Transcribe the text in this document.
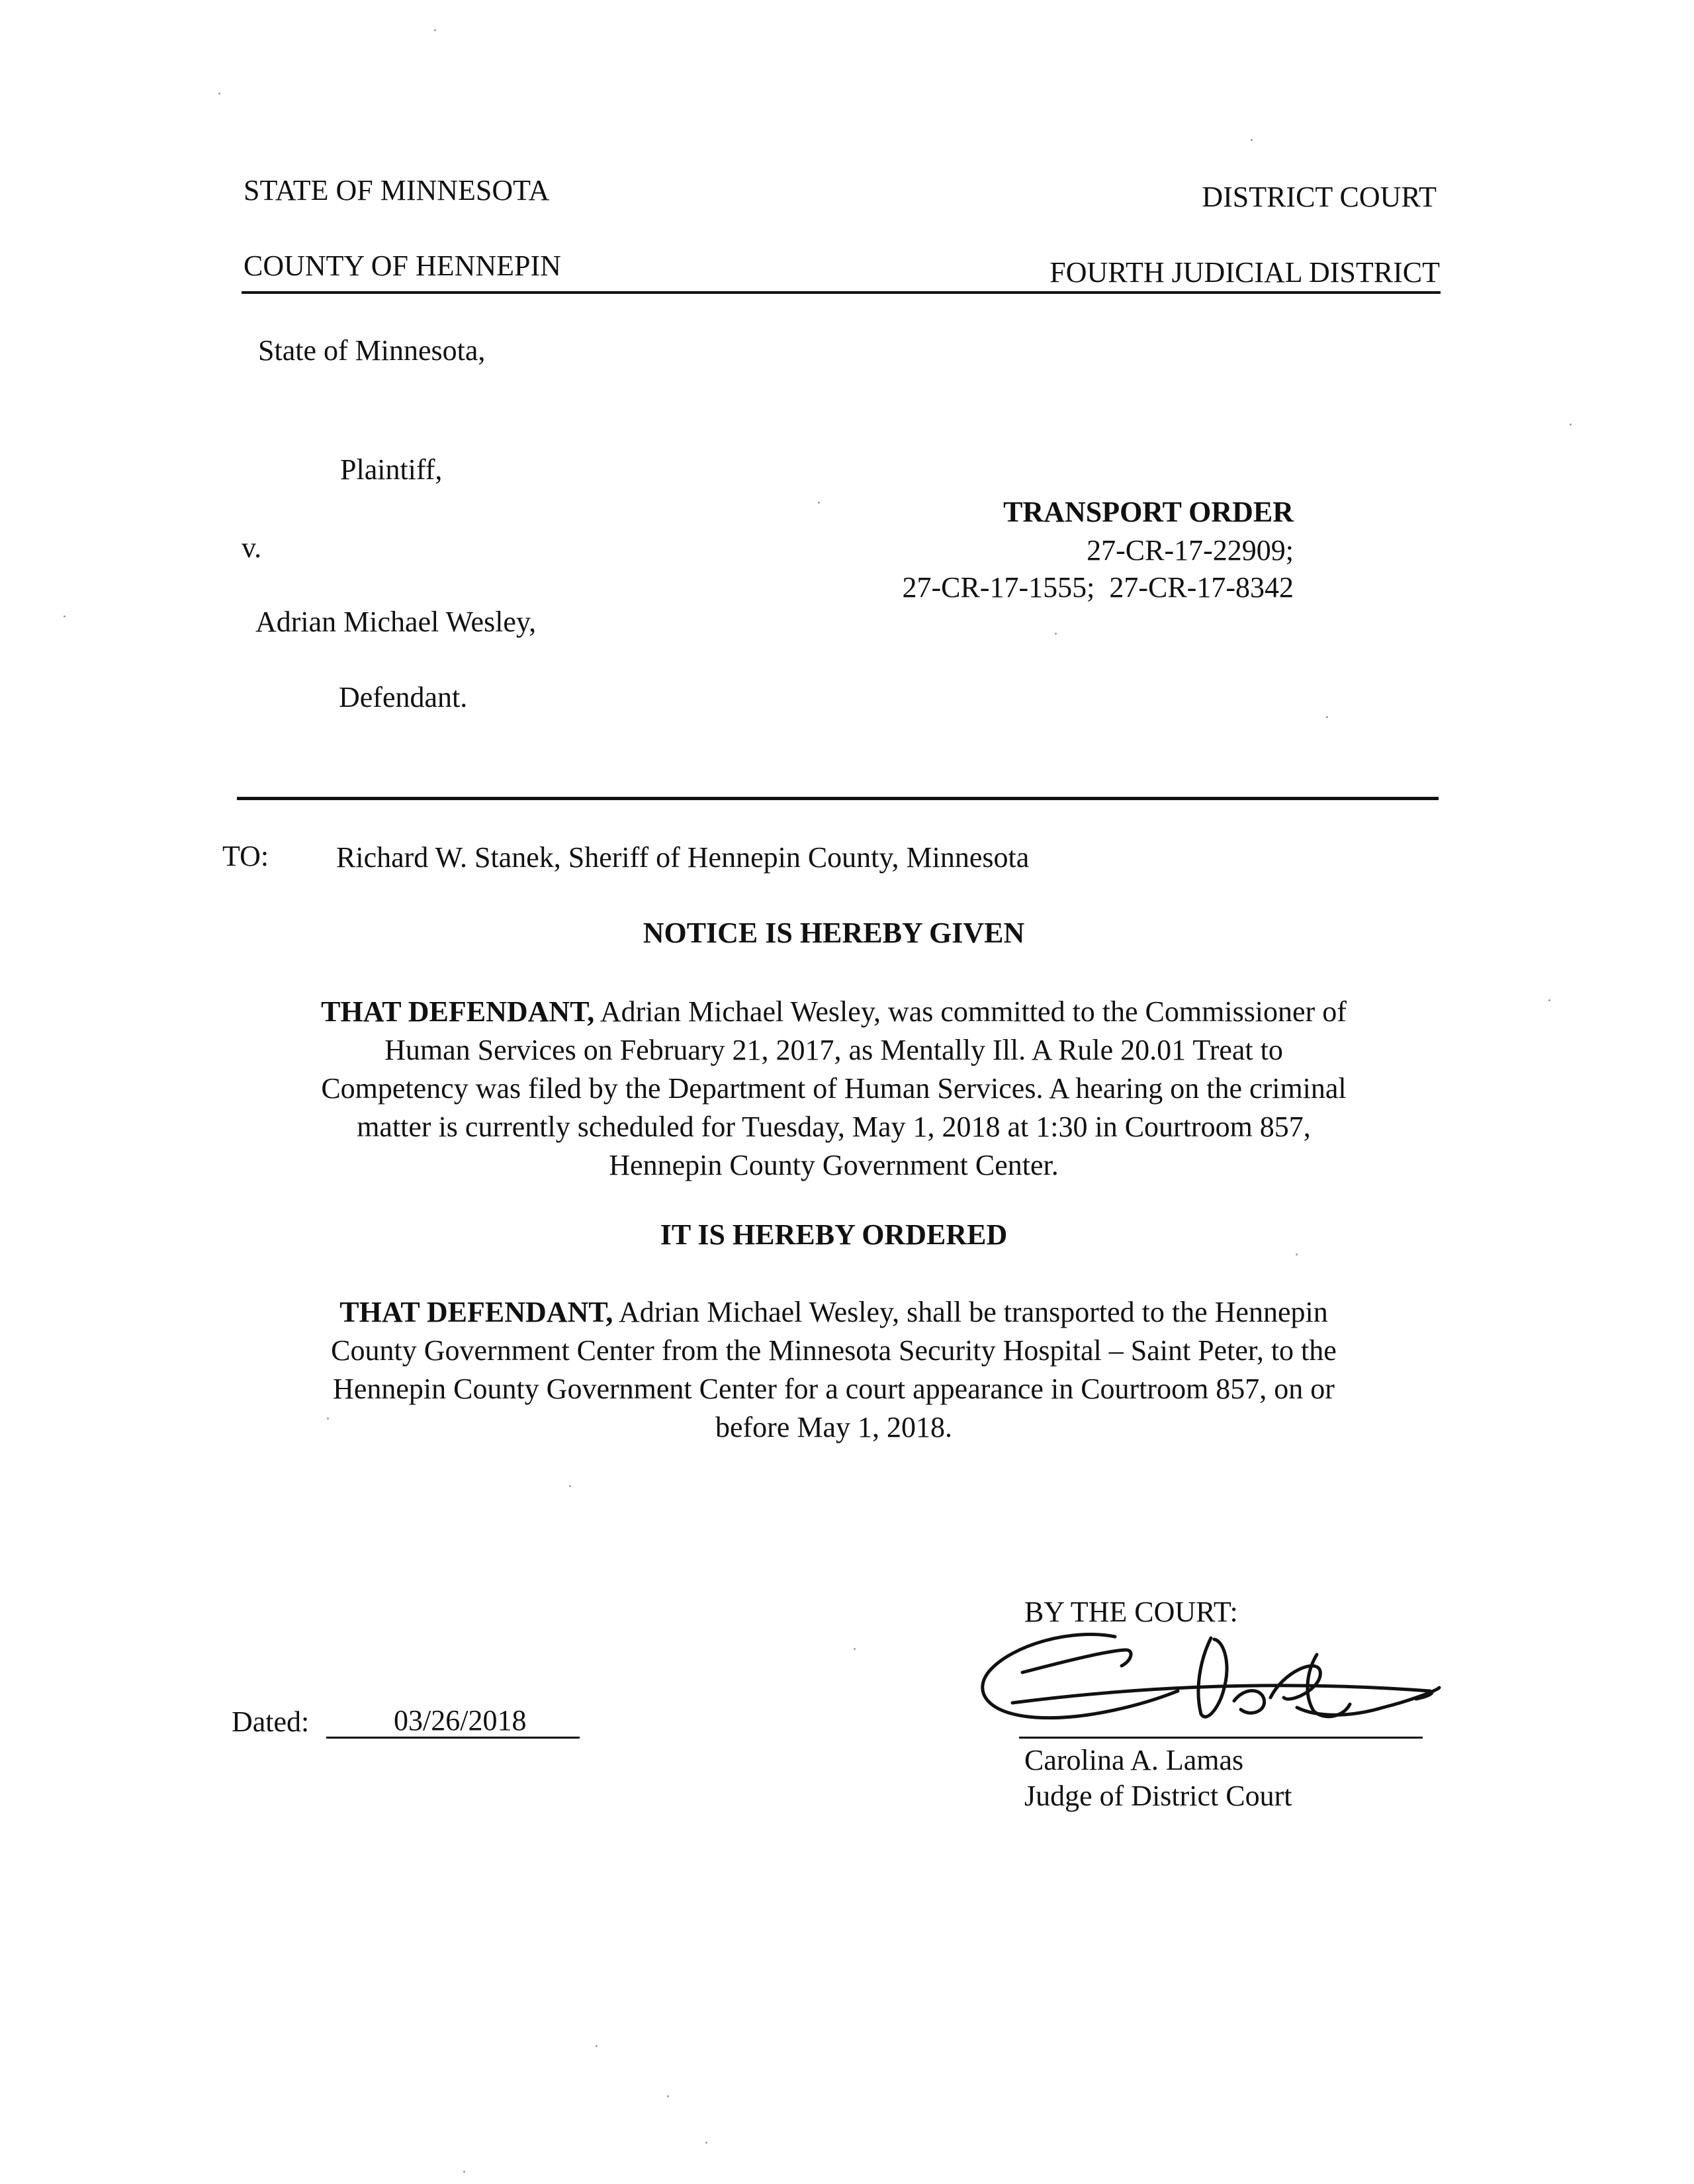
STATE OF MINNESOTA	DISTRICT COURT
COUNTY OF HENNEPIN	FOURTH JUDICIAL DISTRICT
State of Minnesota,
Plaintiff,
v.
Adrian Michael Wesley,
Defendant.
TRANSPORT ORDER
27-CR-17-22909;
27-CR-17-1555;  27-CR-17-8342
TO: Richard W. Stanek, Sheriff of Hennepin County, Minnesota
NOTICE IS HEREBY GIVEN

THAT DEFENDANT, Adrian Michael Wesley, was committed to the Commissioner of

Human Services on February 21, 2017, as Mentally Ill. A Rule 20.01 Treat to

Competency was filed by the Department of Human Services. A hearing on the criminal

matter is currently scheduled for Tuesday, May 1, 2018 at 1:30 in Courtroom 857,

Hennepin County Government Center.

IT IS HEREBY ORDERED

THAT DEFENDANT, Adrian Michael Wesley, shall be transported to the Hennepin

County Government Center from the Minnesota Security Hospital – Saint Peter, to the

Hennepin County Government Center for a court appearance in Courtroom 857, on or

before May 1, 2018.

BY THE COURT:
Carolina A. Lamas
Judge of District Court
Dated:	03/26/2018
